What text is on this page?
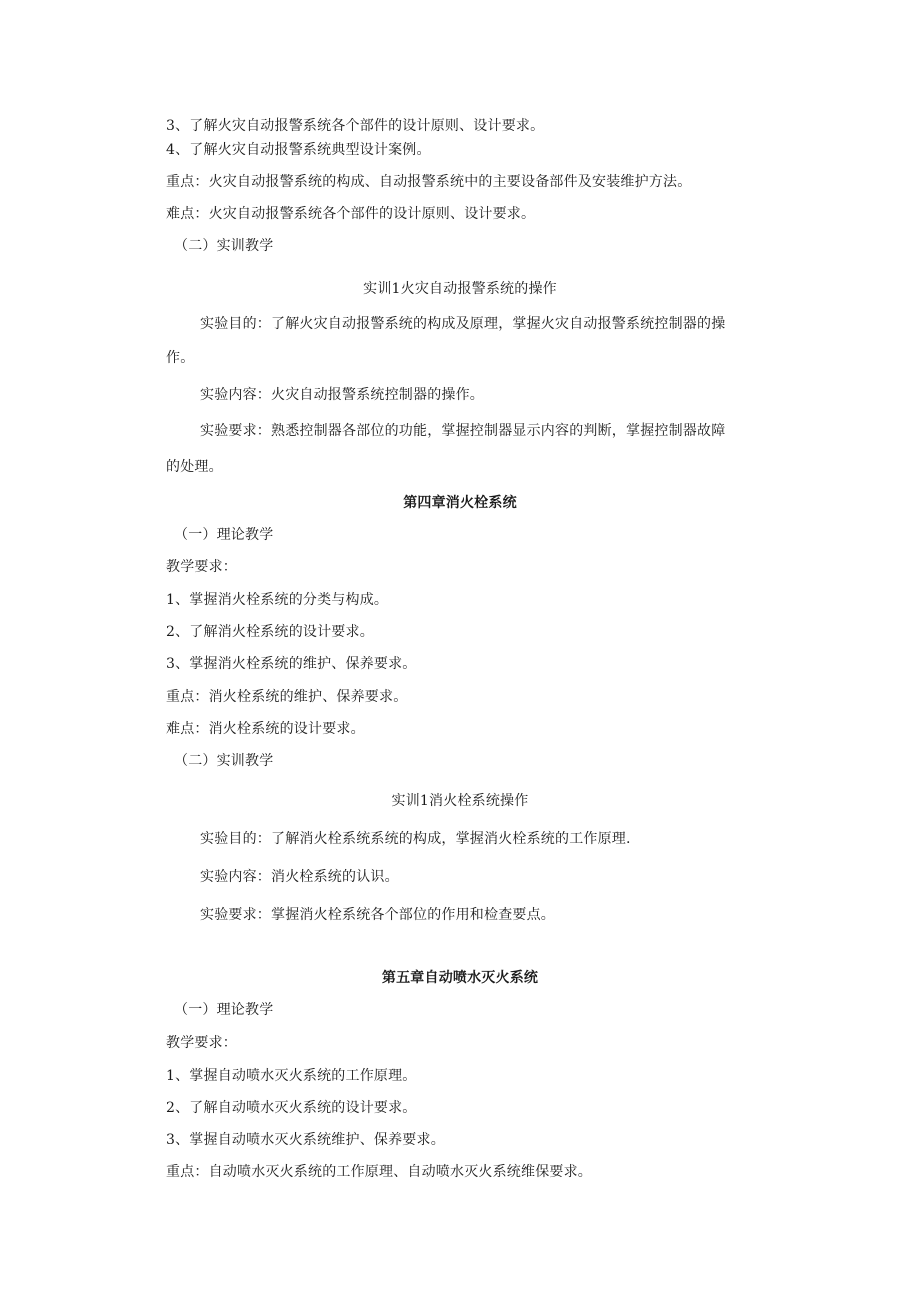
3、了解火灾自动报警系统各个部件的设计原则、设计要求。
4、了解火灾自动报警系统典型设计案例。
重点：火灾自动报警系统的构成、自动报警系统中的主要设备部件及安装维护方法。
难点：火灾自动报警系统各个部件的设计原则、设计要求。
（二）实训教学
实训1火灾自动报警系统的操作
实验目的：了解火灾自动报警系统的构成及原理，掌握火灾自动报警系统控制器的操
作。
实验内容：火灾自动报警系统控制器的操作。
实验要求：熟悉控制器各部位的功能，掌握控制器显示内容的判断，掌握控制器故障
的处理。
第四章消火栓系统
（一）理论教学
教学要求：
1、掌握消火栓系统的分类与构成。
2、了解消火栓系统的设计要求。
3、掌握消火栓系统的维护、保养要求。
重点：消火栓系统的维护、保养要求。
难点：消火栓系统的设计要求。
（二）实训教学
实训1消火栓系统操作
实验目的：了解消火栓系统系统的构成，掌握消火栓系统的工作原理.
实验内容：消火栓系统的认识。
实验要求：掌握消火栓系统各个部位的作用和检查要点。
第五章自动喷水灭火系统
（一）理论教学
教学要求：
1、掌握自动喷水灭火系统的工作原理。
2、了解自动喷水灭火系统的设计要求。
3、掌握自动喷水灭火系统维护、保养要求。
重点：自动喷水灭火系统的工作原理、自动喷水灭火系统维保要求。
